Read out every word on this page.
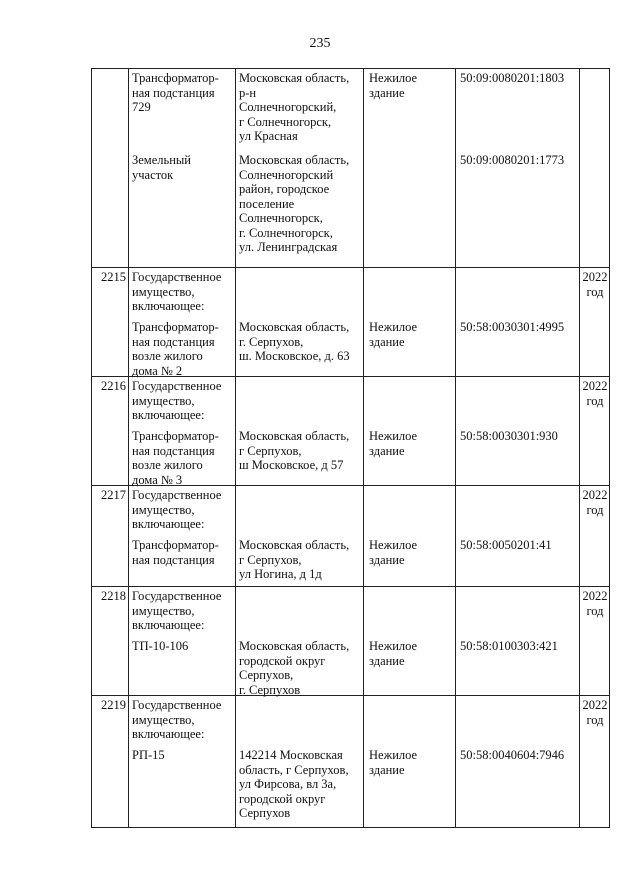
235
Трансформатор-
ная подстанция
729
Московская область,
р-н
Солнечногорский,
г Солнечногорск,
ул Красная
Нежилое
здание
50:09:0080201:1803
Земельный
участок
Московская область,
Солнечногорский
район, городское
поселение
Солнечногорск,
г. Солнечногорск,
ул. Ленинградская
50:09:0080201:1773
2215 Государственное
имущество,
включающее:
2022
год
Трансформатор-
ная подстанция
возле жилого
дома № 2
Московская область,
г. Серпухов,
ш. Московское, д. 63
Нежилое
здание
50:58:0030301:4995
2216 Государственное
имущество,
включающее:
2022
год
Трансформатор-
ная подстанция
возле жилого
дома № 3
Московская область,
г Серпухов,
ш Московское, д 57
Нежилое
здание
50:58:0030301:930
2217 Государственное
имущество,
включающее:
2022
год
Трансформатор-
ная подстанция
Московская область,
г Серпухов,
ул Ногина, д 1д
Нежилое
здание
50:58:0050201:41
2218 Государственное
имущество,
включающее:
2022
год
ТП-10-106	Московская область,
городской округ
Серпухов,
г. Серпухов
Нежилое
здание
50:58:0100303:421
2219 Государственное
имущество,
включающее:
2022
год
РП-15	142214 Московская
область, г Серпухов,
ул Фирсова, вл 3а,
городской округ
Серпухов
Нежилое
здание
50:58:0040604:7946
